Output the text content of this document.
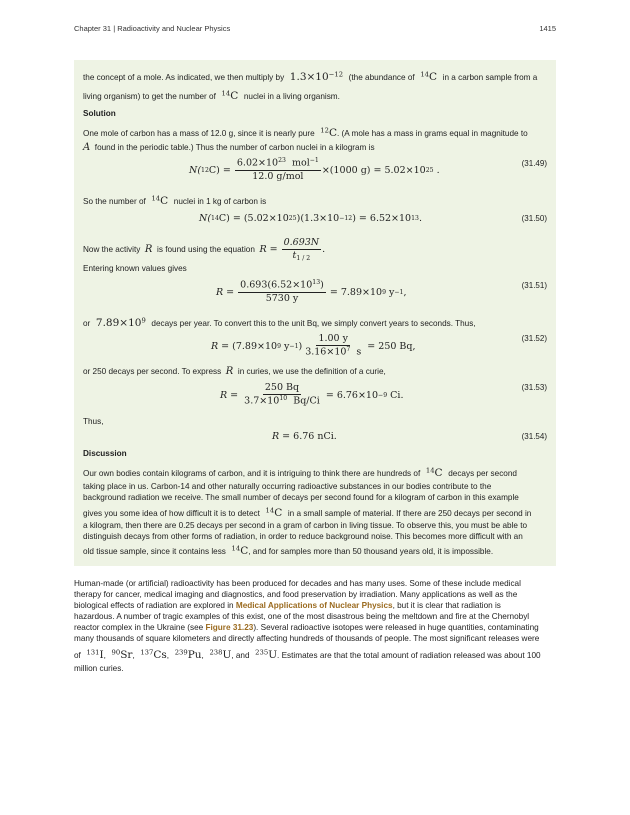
Chapter 31 | Radioactivity and Nuclear Physics	1415
the concept of a mole. As indicated, we then multiply by $1.3\times 10^{-12}$ (the abundance of $^{14}$C in a carbon sample from a
living organism) to get the number of $^{14}$C nuclei in a living organism.
Solution
One mole of carbon has a mass of 12.0 g, since it is nearly pure $^{12}$C. (A mole has a mass in grams equal in magnitude to
A found in the periodic table.) Thus the number of carbon nuclei in a kilogram is
N( 12 C) =
$\frac{6.02\times 10^{23} mol^{-1}}{\text{12.0 g/mol}} \times(1000$ g) = 5.02×10 25
.
(31.49)
So the number of $^{14}$C nuclei in 1 kg of carbon is
N( 14 C) = (5.02×10 25 )(1.3×10 −12 ) = 6.52×10 13 .	(31.50)
Now the activity
R
is found using the equation
R =
$\frac{0.693N}{t_{1 / 2}}$ .
Entering known values gives
R =
$\frac{0.693(6.52\times 10^{13})}{5730 y}$
= 7.89×10 9
y −1 ,
(31.51)
or $7.89\times 10^9$ decays per year. To convert this to the unit Bq, we simply convert years to seconds. Thus,
R = (7.89×10 9
y −1 ) $\frac{1.00 y}{3.16\times 10^7 s}$
= 250 Bq,
(31.52)
or 250 decays per second. To express R in curies, we use the definition of a curie,
R =
$\frac{250 Bq}{3.7\times 10^{10} Bq/Ci}$
= 6.76×10 −9
Ci.
(31.53)
Thus,
R = 6.76 nCi.	(31.54)
Discussion
Our own bodies contain kilograms of carbon, and it is intriguing to think there are hundreds of $^{14}$C decays per second
taking place in us. Carbon-14 and other naturally occurring radioactive substances in our bodies contribute to the
background radiation we receive. The small number of decays per second found for a kilogram of carbon in this example
gives you some idea of how difficult it is to detect $^{14}$C in a small sample of material. If there are 250 decays per second in
a kilogram, then there are 0.25 decays per second in a gram of carbon in living tissue. To observe this, you must be able to
distinguish decays from other forms of radiation, in order to reduce background noise. This becomes more difficult with an
old tissue sample, since it contains less $^{14}$C, and for samples more than 50 thousand years old, it is impossible.
Human-made (or artificial) radioactivity has been produced for decades and has many uses. Some of these include medical
therapy for cancer, medical imaging and diagnostics, and food preservation by irradiation. Many applications as well as the
biological effects of radiation are explored in Medical Applications of Nuclear Physics, but it is clear that radiation is
hazardous. A number of tragic examples of this exist, one of the most disastrous being the meltdown and fire at the Chernobyl
reactor complex in the Ukraine (see Figure 31.23). Several radioactive isotopes were released in huge quantities, contaminating
many thousands of square kilometers and directly affecting hundreds of thousands of people. The most significant releases were
of $^{131}$I, $^{90}$Sr, $^{137}$Cs, $^{239}$Pu, $^{238}$U, and $^{235}$U. Estimates are that the total amount of radiation released was about 100
million curies.
